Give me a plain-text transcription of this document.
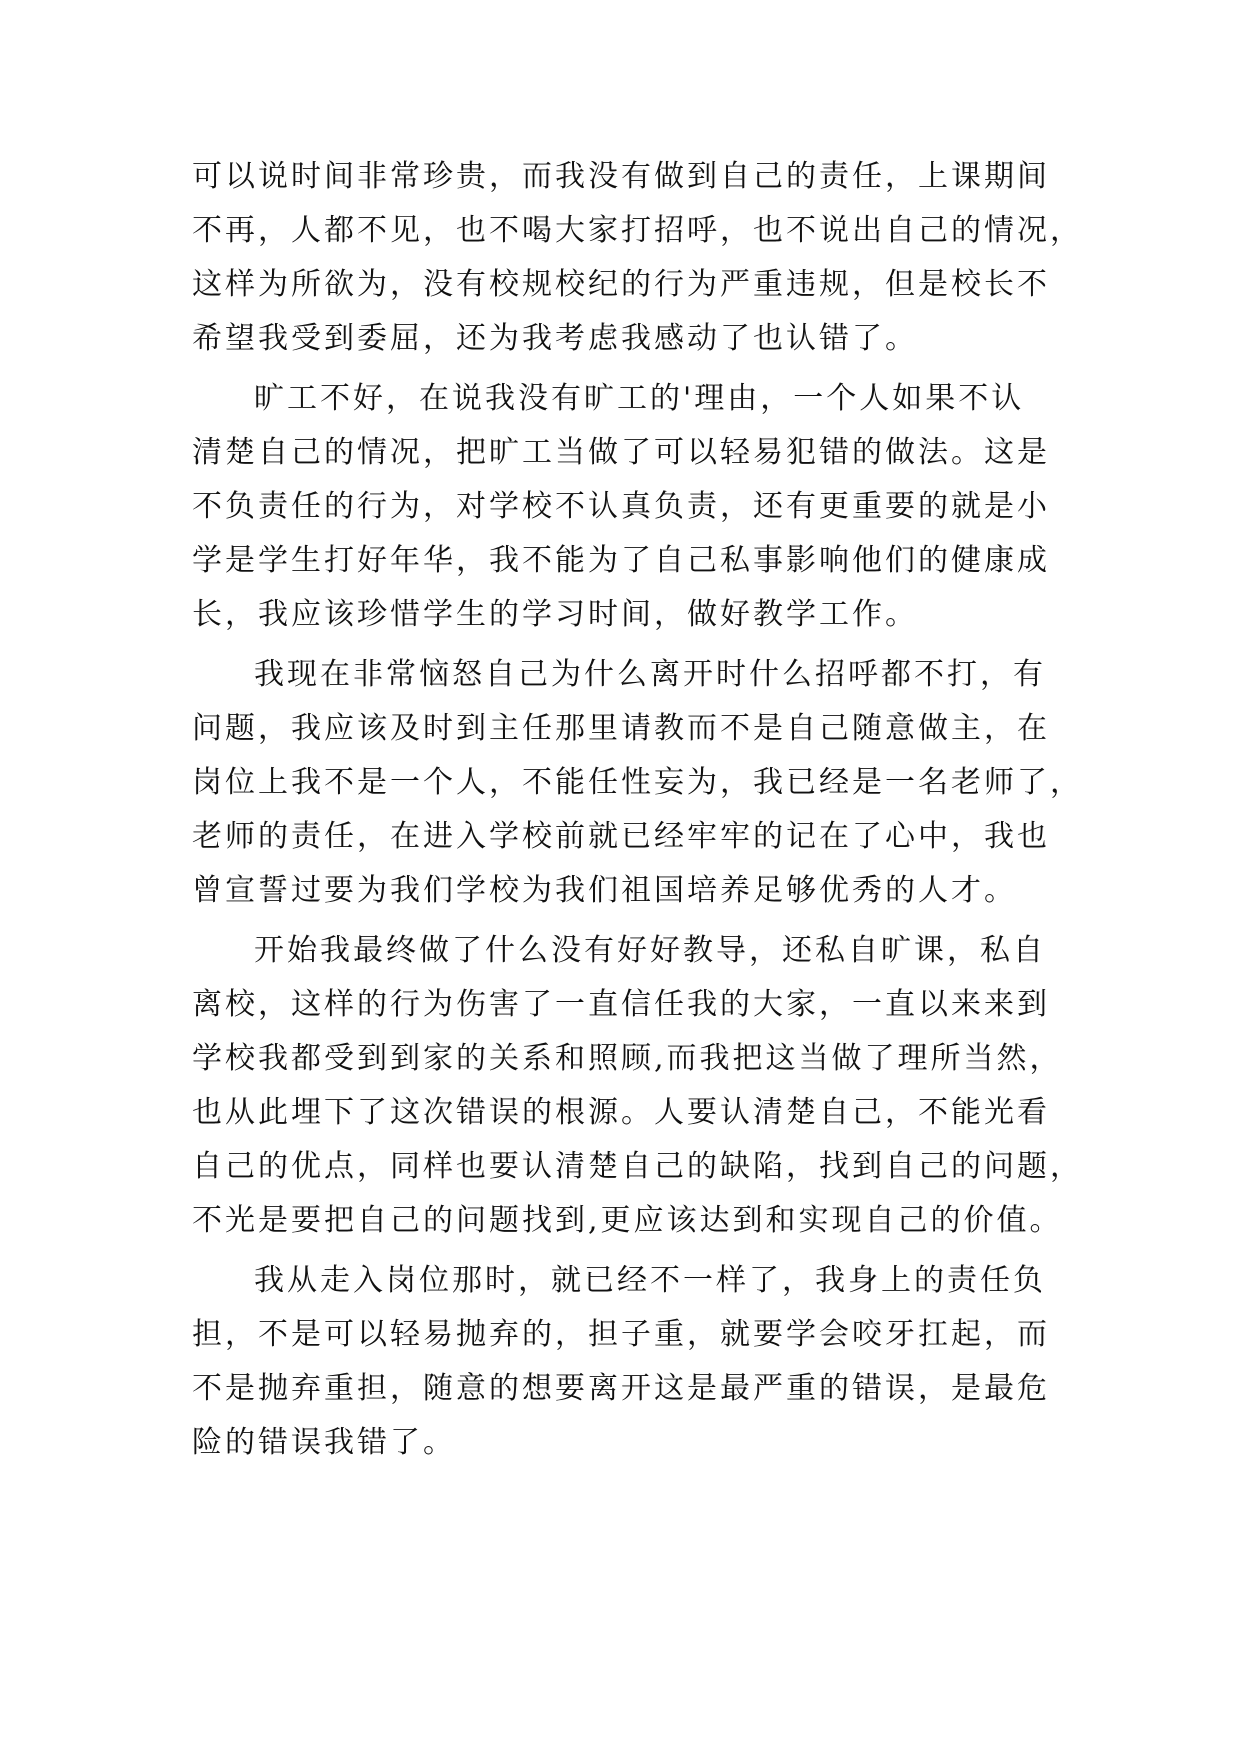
可以说时间非常珍贵，而我没有做到自己的责任，上课期间
不再，人都不见，也不喝大家打招呼，也不说出自己的情况，
这样为所欲为，没有校规校纪的行为严重违规，但是校长不
希望我受到委屈，还为我考虑我感动了也认错了。
旷工不好，在说我没有旷工的'理由，一个人如果不认
清楚自己的情况，把旷工当做了可以轻易犯错的做法。这是
不负责任的行为，对学校不认真负责，还有更重要的就是小
学是学生打好年华，我不能为了自己私事影响他们的健康成
长，我应该珍惜学生的学习时间，做好教学工作。
我现在非常恼怒自己为什么离开时什么招呼都不打，有
问题，我应该及时到主任那里请教而不是自己随意做主，在
岗位上我不是一个人，不能任性妄为，我已经是一名老师了，
老师的责任，在进入学校前就已经牢牢的记在了心中，我也
曾宣誓过要为我们学校为我们祖国培养足够优秀的人才。
开始我最终做了什么没有好好教导，还私自旷课，私自
离校，这样的行为伤害了一直信任我的大家，一直以来来到
学校我都受到到家的关系和照顾,而我把这当做了理所当然，
也从此埋下了这次错误的根源。人要认清楚自己，不能光看
自己的优点，同样也要认清楚自己的缺陷，找到自己的问题，
不光是要把自己的问题找到,更应该达到和实现自己的价值。
我从走入岗位那时，就已经不一样了，我身上的责任负
担，不是可以轻易抛弃的，担子重，就要学会咬牙扛起，而
不是抛弃重担，随意的想要离开这是最严重的错误，是最危
险的错误我错了。
